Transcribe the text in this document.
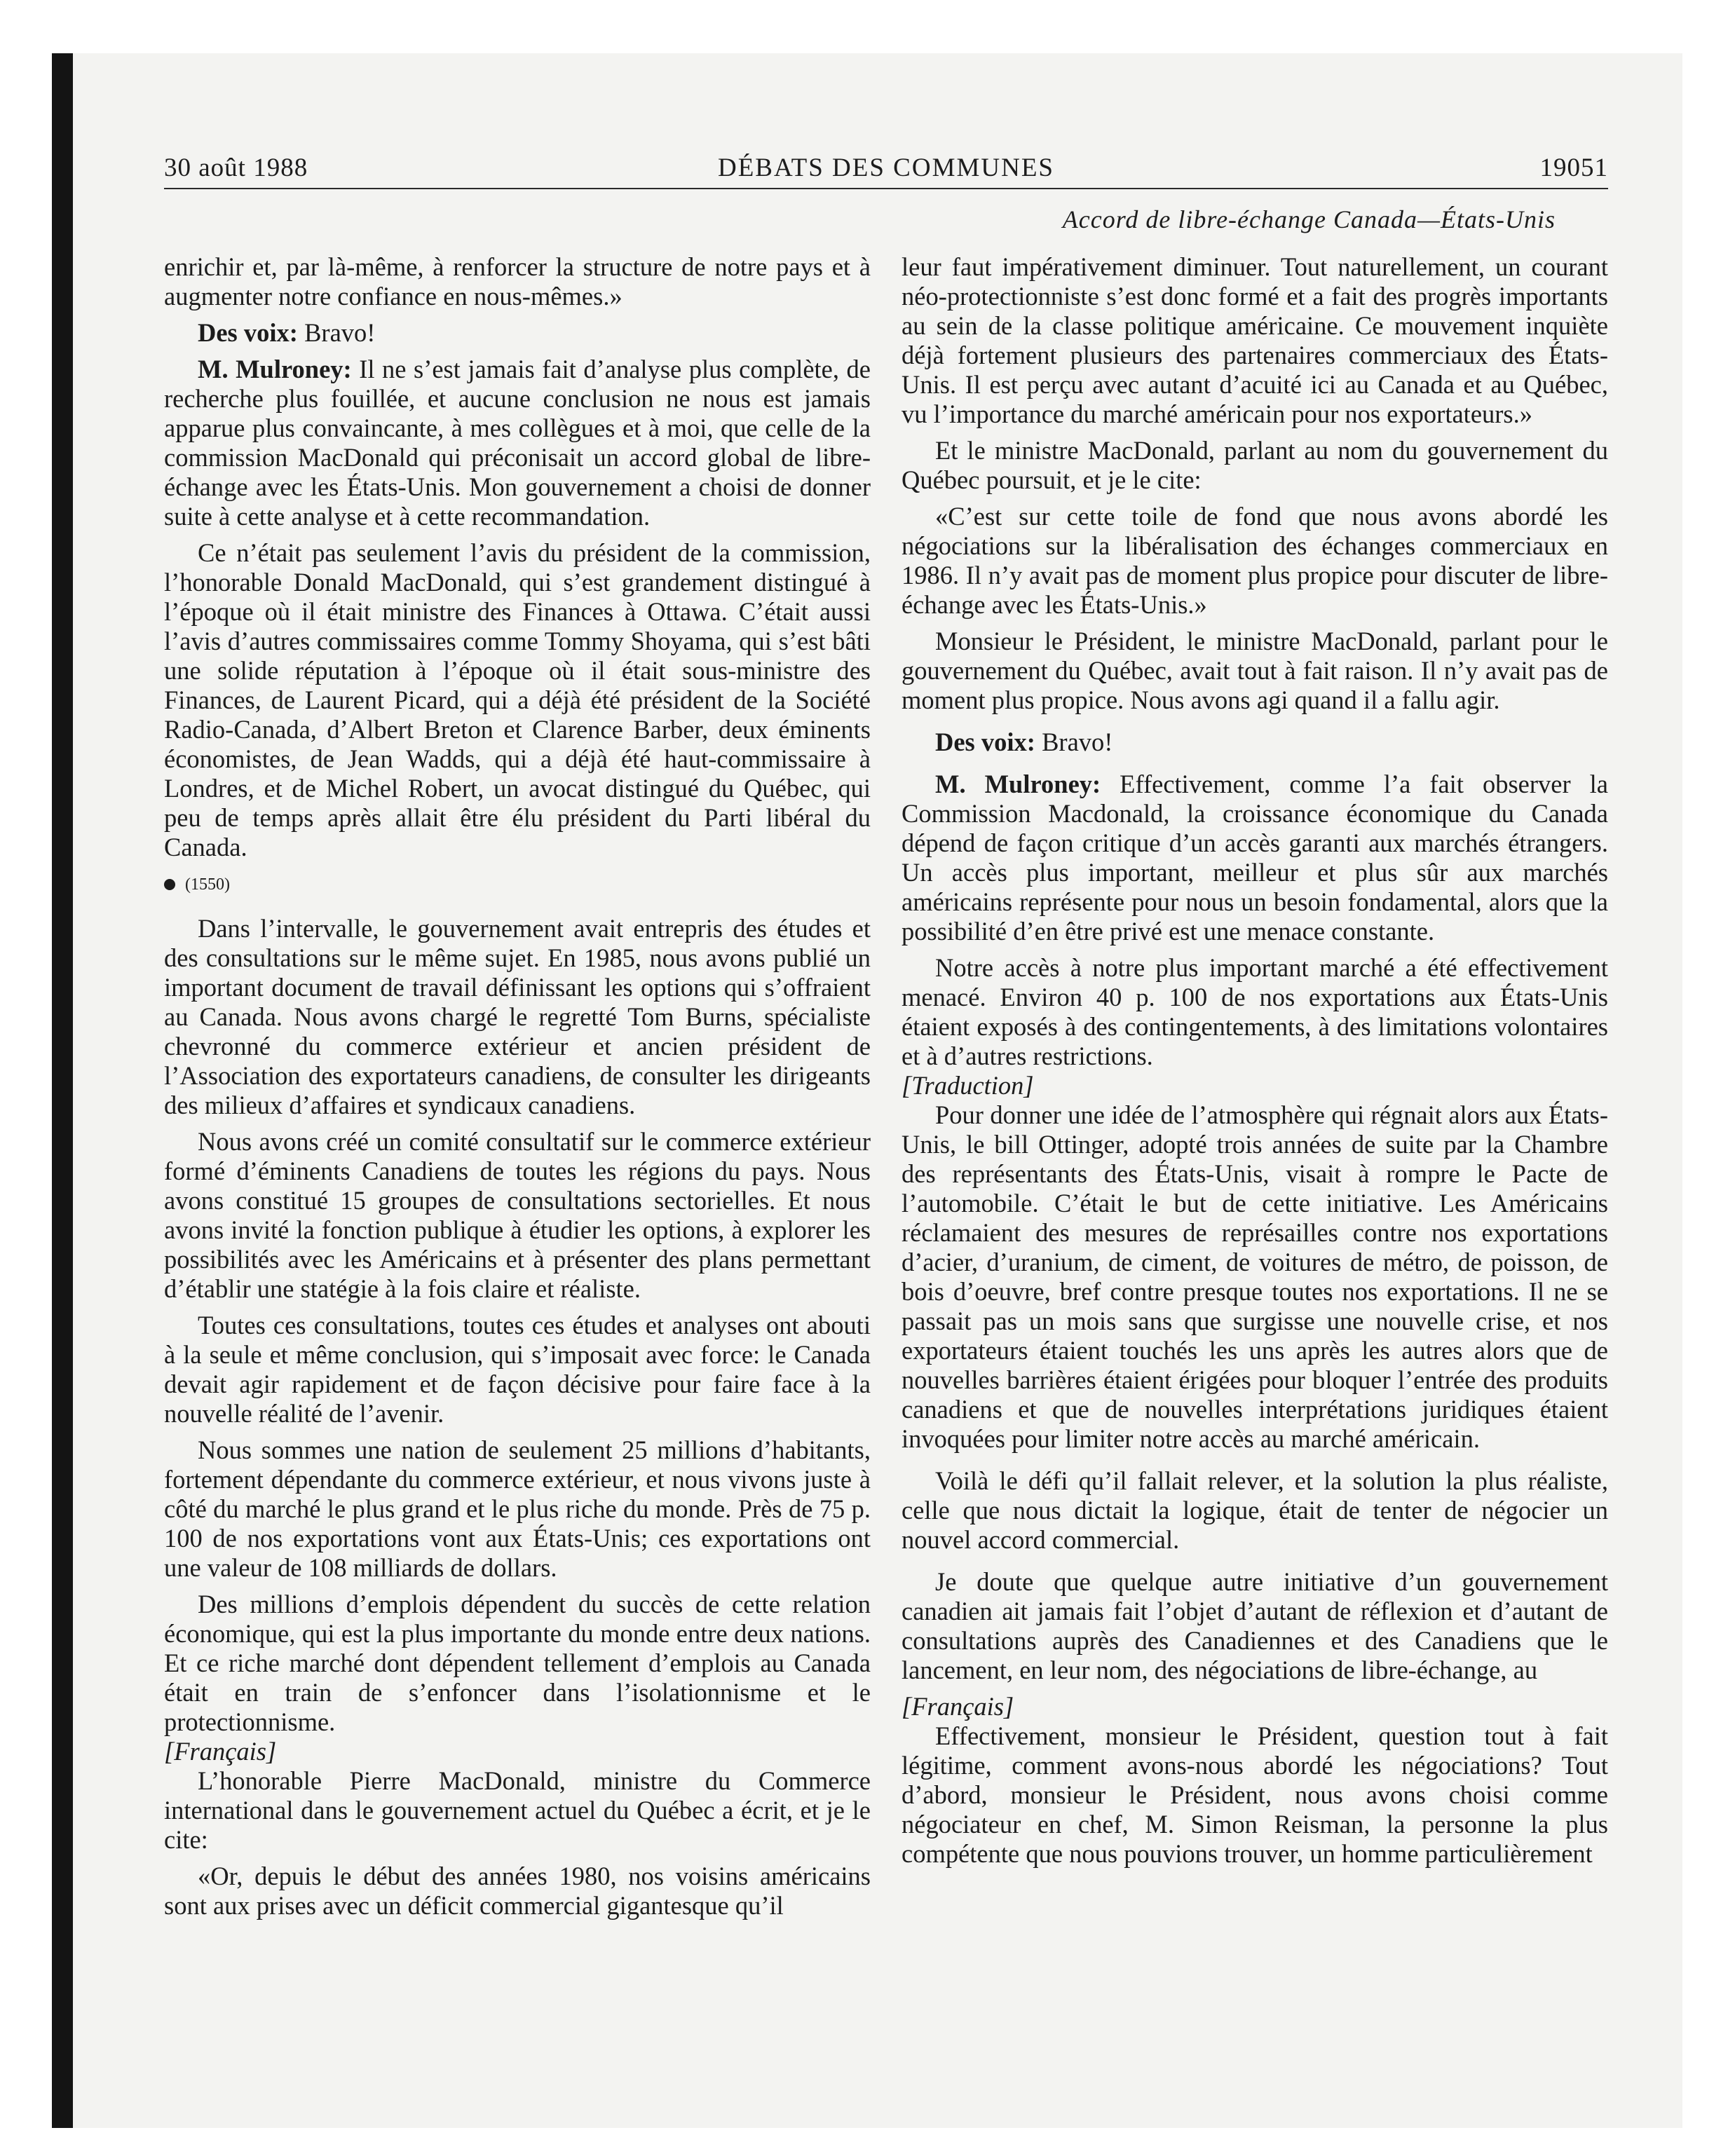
30 août 1988	DÉBATS DES COMMUNES	19051
Accord de libre-échange Canada—États-Unis

enrichir et, par là-même, à renforcer la structure de notre pays et à augmenter notre confiance en nous-mêmes.»

Des voix: Bravo!

M. Mulroney: Il ne s’est jamais fait d’analyse plus complète, de recherche plus fouillée, et aucune conclusion ne nous est jamais apparue plus convaincante, à mes collègues et à moi, que celle de la commission MacDonald qui préconisait un accord global de libre-échange avec les États-Unis. Mon gouvernement a choisi de donner suite à cette analyse et à cette recommandation.

Ce n’était pas seulement l’avis du président de la commission, l’honorable Donald MacDonald, qui s’est grandement distingué à l’époque où il était ministre des Finances à Ottawa. C’était aussi l’avis d’autres commissaires comme Tommy Shoyama, qui s’est bâti une solide réputation à l’époque où il était sous-ministre des Finances, de Laurent Picard, qui a déjà été président de la Société Radio-Canada, d’Albert Breton et Clarence Barber, deux éminents économistes, de Jean Wadds, qui a déjà été haut-commissaire à Londres, et de Michel Robert, un avocat distingué du Québec, qui peu de temps après allait être élu président du Parti libéral du Canada.

(1550)

Dans l’intervalle, le gouvernement avait entrepris des études et des consultations sur le même sujet. En 1985, nous avons publié un important document de travail définissant les options qui s’offraient au Canada. Nous avons chargé le regretté Tom Burns, spécialiste chevronné du commerce extérieur et ancien président de l’Association des exportateurs canadiens, de consulter les dirigeants des milieux d’affaires et syndicaux canadiens.

Nous avons créé un comité consultatif sur le commerce extérieur formé d’éminents Canadiens de toutes les régions du pays. Nous avons constitué 15 groupes de consultations sectorielles. Et nous avons invité la fonction publique à étudier les options, à explorer les possibilités avec les Américains et à présenter des plans permettant d’établir une statégie à la fois claire et réaliste.

Toutes ces consultations, toutes ces études et analyses ont abouti à la seule et même conclusion, qui s’imposait avec force: le Canada devait agir rapidement et de façon décisive pour faire face à la nouvelle réalité de l’avenir.

Nous sommes une nation de seulement 25 millions d’habitants, fortement dépendante du commerce extérieur, et nous vivons juste à côté du marché le plus grand et le plus riche du monde. Près de 75 p. 100 de nos exportations vont aux États-Unis; ces exportations ont une valeur de 108 milliards de dollars.

Des millions d’emplois dépendent du succès de cette relation économique, qui est la plus importante du monde entre deux nations. Et ce riche marché dont dépendent tellement d’emplois au Canada était en train de s’enfoncer dans l’isolationnisme et le protectionnisme.

[Français]

L’honorable Pierre MacDonald, ministre du Commerce international dans le gouvernement actuel du Québec a écrit, et je le cite:

«Or, depuis le début des années 1980, nos voisins américains sont aux prises avec un déficit commercial gigantesque qu’il

leur faut impérativement diminuer. Tout naturellement, un courant néo-protectionniste s’est donc formé et a fait des progrès importants au sein de la classe politique américaine. Ce mouvement inquiète déjà fortement plusieurs des partenaires commerciaux des États-Unis. Il est perçu avec autant d’acuité ici au Canada et au Québec, vu l’importance du marché américain pour nos exportateurs.»

Et le ministre MacDonald, parlant au nom du gouvernement du Québec poursuit, et je le cite:

«C’est sur cette toile de fond que nous avons abordé les négociations sur la libéralisation des échanges commerciaux en 1986. Il n’y avait pas de moment plus propice pour discuter de libre-échange avec les États-Unis.»

Monsieur le Président, le ministre MacDonald, parlant pour le gouvernement du Québec, avait tout à fait raison. Il n’y avait pas de moment plus propice. Nous avons agi quand il a fallu agir.

Des voix: Bravo!

M. Mulroney: Effectivement, comme l’a fait observer la Commission Macdonald, la croissance économique du Canada dépend de façon critique d’un accès garanti aux marchés étrangers. Un accès plus important, meilleur et plus sûr aux marchés américains représente pour nous un besoin fondamental, alors que la possibilité d’en être privé est une menace constante.

Notre accès à notre plus important marché a été effectivement menacé. Environ 40 p. 100 de nos exportations aux États-Unis étaient exposés à des contingentements, à des limitations volontaires et à d’autres restrictions.

[Traduction]

Pour donner une idée de l’atmosphère qui régnait alors aux États-Unis, le bill Ottinger, adopté trois années de suite par la Chambre des représentants des États-Unis, visait à rompre le Pacte de l’automobile. C’était le but de cette initiative. Les Américains réclamaient des mesures de représailles contre nos exportations d’acier, d’uranium, de ciment, de voitures de métro, de poisson, de bois d’oeuvre, bref contre presque toutes nos exportations. Il ne se passait pas un mois sans que surgisse une nouvelle crise, et nos exportateurs étaient touchés les uns après les autres alors que de nouvelles barrières étaient érigées pour bloquer l’entrée des produits canadiens et que de nouvelles interprétations juridiques étaient invoquées pour limiter notre accès au marché américain.

Voilà le défi qu’il fallait relever, et la solution la plus réaliste, celle que nous dictait la logique, était de tenter de négocier un nouvel accord commercial.

Je doute que quelque autre initiative d’un gouvernement canadien ait jamais fait l’objet d’autant de réflexion et d’autant de consultations auprès des Canadiennes et des Canadiens que le lancement, en leur nom, des négociations de libre-échange, au

[Français]

Effectivement, monsieur le Président, question tout à fait légitime, comment avons-nous abordé les négociations? Tout d’abord, monsieur le Président, nous avons choisi comme négociateur en chef, M. Simon Reisman, la personne la plus compétente que nous pouvions trouver, un homme particulièrement
